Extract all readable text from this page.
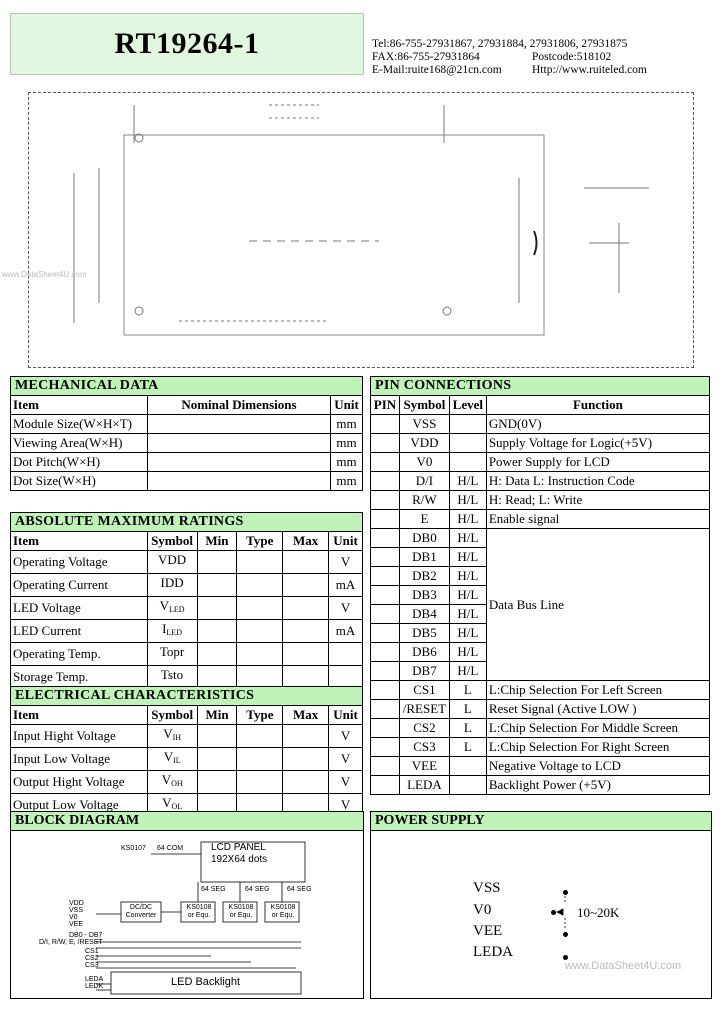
RT19264-1	Tel:86-755-27931867, 27931884, 27931806, 27931875
FAX:86-755-27931864	Postcode:518102
E-Mail:ruite168@21cn.com	Http://www.ruiteled.com
www.DataSheet4U.com
MECHANICAL DATA		
Item	Nominal Dimensions	Unit
Module Size(W×H×T)		mm
Viewing Area(W×H)		mm
Dot Pitch(W×H)		mm
Dot Size(W×H)		mm
ABSOLUTE MAXIMUM RATINGS					
Item	Symbol	Min	Type	Max	Unit
Operating Voltage	VDD				V
Operating Current	IDD				mA
LED Voltage	$V_{LED}$				V
LED Current	$I_{LED}$				mA
Operating Temp.	Topr				
Storage Temp.	Tsto				
ELECTRICAL CHARACTERISTICS					
Item	Symbol	Min	Type	Max	Unit
Input Hight Voltage	$V_{IH}$				V
Input Low Voltage	$V_{IL}$				V
Output Hight Voltage	$V_{OH}$				V
Output Low Voltage	$V_{OL}$				V
PIN CONNECTIONS			
PIN	Symbol	Level	Function
	VSS		GND(0V)
	VDD		Supply Voltage for Logic(+5V)
	V0		Power Supply for LCD
	D/I	H/L	H: Data L: Instruction Code
	R/W	H/L	H: Read; L: Write
	E	H/L	Enable signal
	DB0	H/L	Data Bus Line
	DB1	H/L	
	DB2	H/L	
	DB3	H/L	
	DB4	H/L	
	DB5	H/L	
	DB6	H/L	
	DB7	H/L	
	CS1	L	L:Chip Selection For Left Screen
	/RESET	L	Reset Signal (Active LOW )
	CS2	L	L:Chip Selection For Middle Screen
	CS3	L	L:Chip Selection For Right Screen
	VEE		Negative Voltage to LCD
	LEDA		Backlight Power (+5V)
BLOCK DIAGRAM
KS0107 64 COM	LCD PANEL
192X64 dots
64 SEG	64 SEG 64 SEG
DC/DC Converter
KS0108 or Equ.
KS0108 or Equ.
KS0108 or Equ.
VDD
VSS
V0
VEE
DB0 - DB7
D/I, R/W, E, /RESET
CS1
CS2
CS3
LEDA
LEDK	LED Backlight
POWER SUPPLY
VSS
V0
VEE
LEDA
10~20K
www.DataSheet4U.com
